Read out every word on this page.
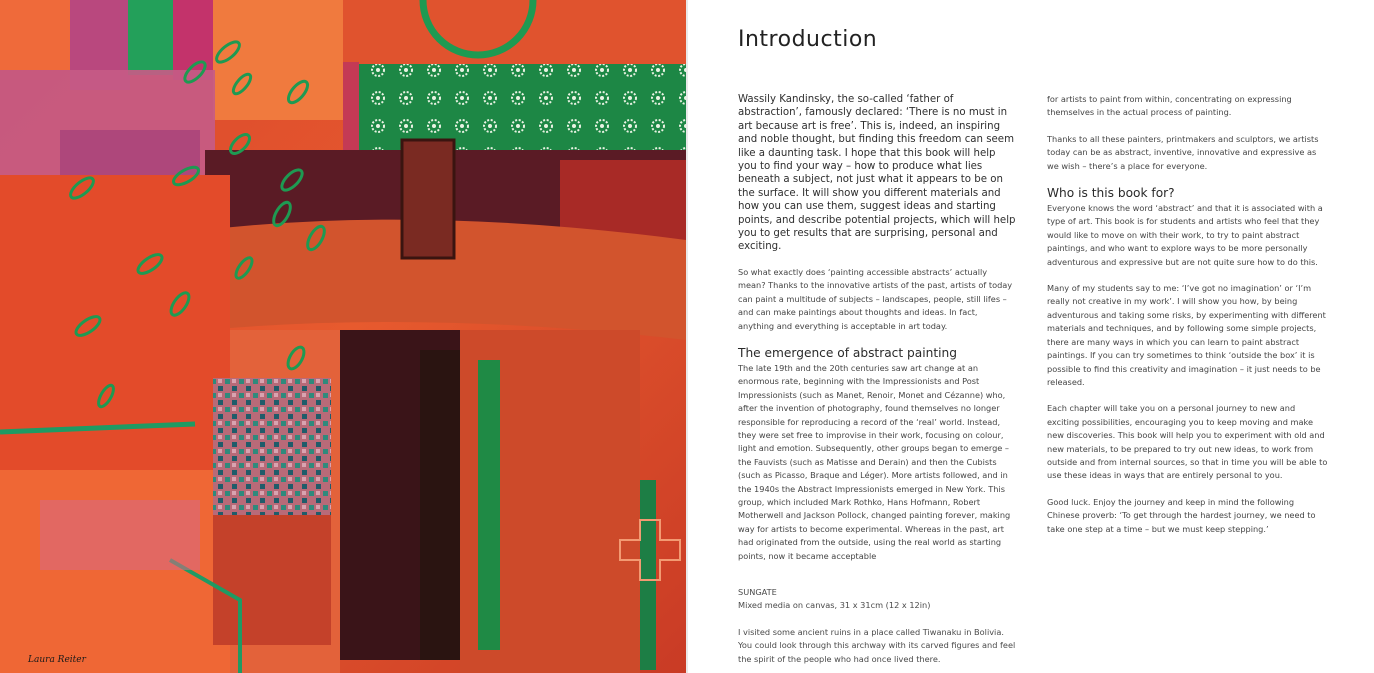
Laura Reiter
Introduction

Wassily Kandinsky, the so-called ‘father of abstraction’, famously declared: ‘There is no must in art because art is free’. This is, indeed, an inspiring and noble thought, but finding this freedom can seem like a daunting task. I hope that this book will help you to find your way – how to produce what lies beneath a subject, not just what it appears to be on the surface. It will show you different materials and how you can use them, suggest ideas and starting points, and describe potential projects, which will help you to get results that are surprising, personal and exciting.

So what exactly does ‘painting accessible abstracts’ actually mean? Thanks to the innovative artists of the past, artists of today can paint a multitude of subjects – landscapes, people, still lifes – and can make paintings about thoughts and ideas. In fact, anything and everything is acceptable in art today.

The emergence of abstract painting

The late 19th and the 20th centuries saw art change at an enormous rate, beginning with the Impressionists and Post Impressionists (such as Manet, Renoir, Monet and Cézanne) who, after the invention of photography, found themselves no longer responsible for reproducing a record of the ‘real’ world. Instead, they were set free to improvise in their work, focusing on colour, light and emotion. Subsequently, other groups began to emerge – the Fauvists (such as Matisse and Derain) and then the Cubists (such as Picasso, Braque and Léger). More artists followed, and in the 1940s the Abstract Impressionists emerged in New York. This group, which included Mark Rothko, Hans Hofmann, Robert Motherwell and Jackson Pollock, changed painting forever, making way for artists to become experimental. Whereas in the past, art had originated from the outside, using the real world as starting points, now it became acceptable

SUNGATE
Mixed media on canvas, 31 x 31cm (12 x 12in)
I visited some ancient ruins in a place called Tiwanaku in Bolivia.
You could look through this archway with its carved figures and feel
the spirit of the people who had once lived there.

for artists to paint from within, concentrating on expressing themselves in the actual process of painting.

Thanks to all these painters, printmakers and sculptors, we artists today can be as abstract, inventive, innovative and expressive as we wish – there’s a place for everyone.

Who is this book for?

Everyone knows the word ‘abstract’ and that it is associated with a type of art. This book is for students and artists who feel that they would like to move on with their work, to try to paint abstract paintings, and who want to explore ways to be more personally adventurous and expressive but are not quite sure how to do this.

Many of my students say to me: ‘I’ve got no imagination’ or ‘I’m really not creative in my work’. I will show you how, by being adventurous and taking some risks, by experimenting with different materials and techniques, and by following some simple projects, there are many ways in which you can learn to paint abstract paintings. If you can try sometimes to think ‘outside the box’ it is possible to find this creativity and imagination – it just needs to be released.

Each chapter will take you on a personal journey to new and exciting possibilities, encouraging you to keep moving and make new discoveries. This book will help you to experiment with old and new materials, to be prepared to try out new ideas, to work from outside and from internal sources, so that in time you will be able to use these ideas in ways that are entirely personal to you.

Good luck. Enjoy the journey and keep in mind the following Chinese proverb: ‘To get through the hardest journey, we need to take one step at a time – but we must keep stepping.’
